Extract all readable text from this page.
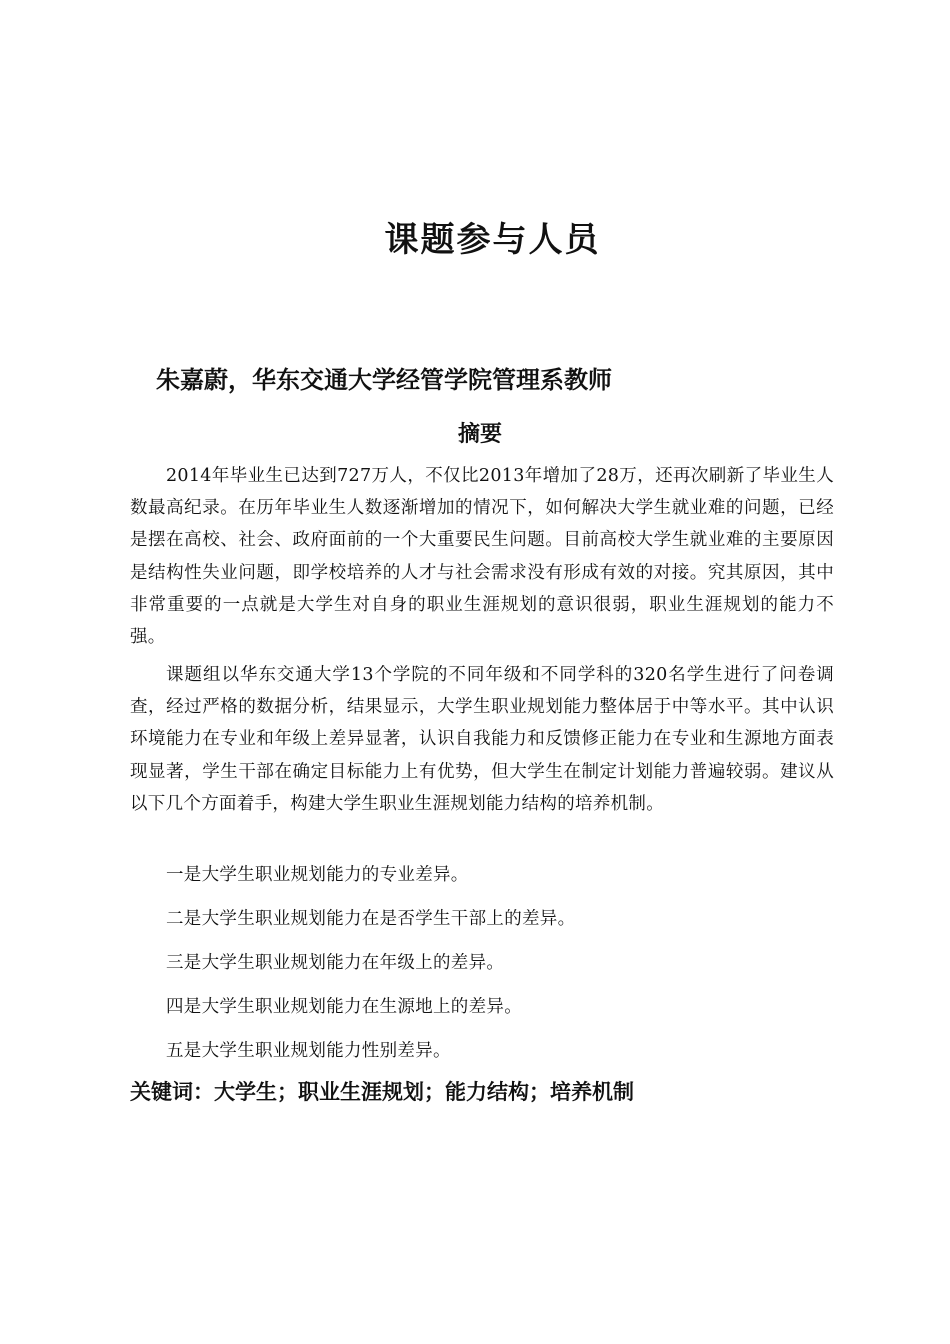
课题参与人员

朱嘉蔚，华东交通大学经管学院管理系教师

摘要

2014年毕业生已达到727万人，不仅比2013年增加了28万，还再次刷新了毕业生人数最高纪录。在历年毕业生人数逐渐增加的情况下，如何解决大学生就业难的问题，已经是摆在高校、社会、政府面前的一个大重要民生问题。目前高校大学生就业难的主要原因是结构性失业问题，即学校培养的人才与社会需求没有形成有效的对接。究其原因，其中非常重要的一点就是大学生对自身的职业生涯规划的意识很弱，职业生涯规划的能力不强。

课题组以华东交通大学13个学院的不同年级和不同学科的320名学生进行了问卷调查，经过严格的数据分析，结果显示，大学生职业规划能力整体居于中等水平。其中认识环境能力在专业和年级上差异显著，认识自我能力和反馈修正能力在专业和生源地方面表现显著，学生干部在确定目标能力上有优势，但大学生在制定计划能力普遍较弱。建议从以下几个方面着手，构建大学生职业生涯规划能力结构的培养机制。

一是大学生职业规划能力的专业差异。

二是大学生职业规划能力在是否学生干部上的差异。

三是大学生职业规划能力在年级上的差异。

四是大学生职业规划能力在生源地上的差异。

五是大学生职业规划能力性别差异。

关键词：大学生；职业生涯规划；能力结构；培养机制
